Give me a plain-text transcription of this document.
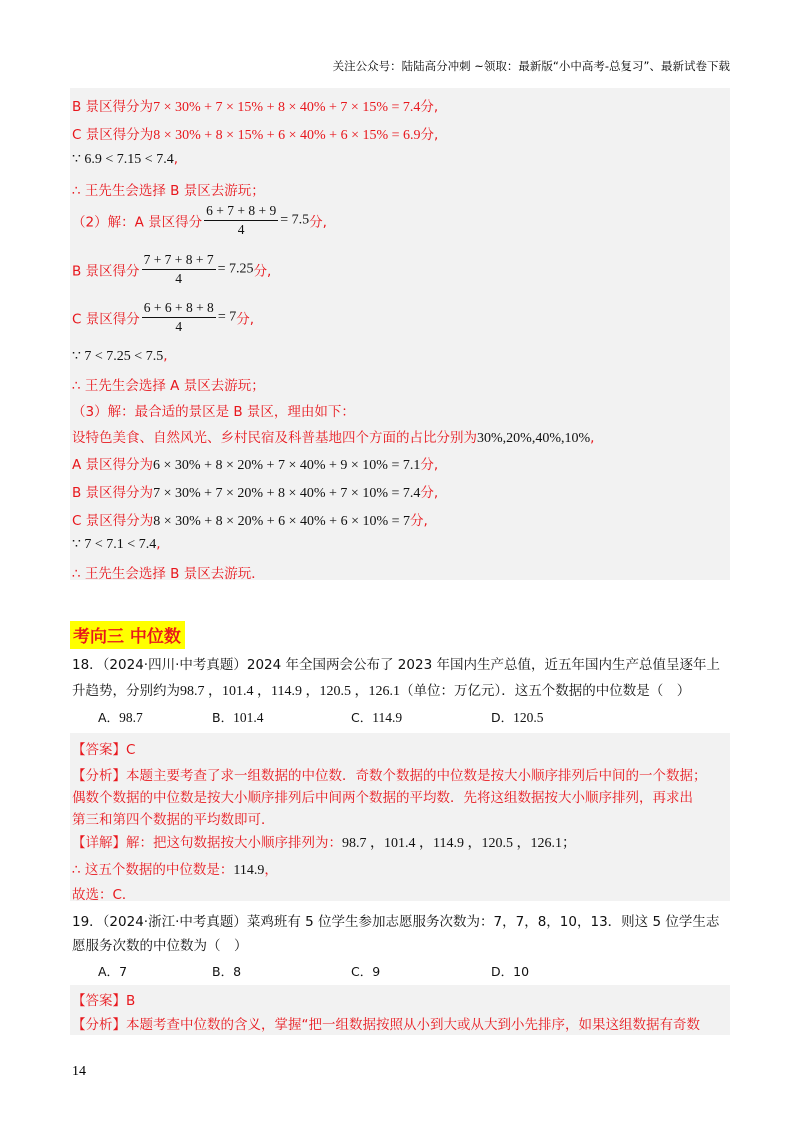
关注公众号：陆陆高分冲刺 ~领取：最新版“小中高考-总复习”、最新试卷下载
B 景区得分为7 × 30% + 7 × 15% + 8 × 40% + 7 × 15% = 7.4分,
C 景区得分为8 × 30% + 8 × 15% + 6 × 40% + 6 × 15% = 6.9分,
∵ 6.9 < 7.15 < 7.4,
∴ 王先生会选择 B 景区去游玩；
（2）解：A 景区得分 $\frac{6 + 7 + 8 + 9}{4} = 7.5$分,
B 景区得分 $\frac{7 + 7 + 8 + 7}{4} = 7.25$分,
C 景区得分 $\frac{6 + 6 + 8 + 8}{4} = 7$分,
∵ 7 < 7.25 < 7.5,
∴ 王先生会选择 A 景区去游玩；
（3）解：最合适的景区是 B 景区，理由如下：
设特色美食、自然风光、乡村民宿及科普基地四个方面的占比分别为30%,20%,40%,10%,
A 景区得分为6 × 30% + 8 × 20% + 7 × 40% + 9 × 10% = 7.1分,
B 景区得分为7 × 30% + 7 × 20% + 8 × 40% + 7 × 10% = 7.4分,
C 景区得分为8 × 30% + 8 × 20% + 6 × 40% + 6 × 10% = 7分,
∵ 7 < 7.1 < 7.4,
∴ 王先生会选择 B 景区去游玩．
考向三 中位数
18．（2024·四川·中考真题）2024 年全国两会公布了 2023 年国内生产总值，近五年国内生产总值呈逐年上
升趋势，分别约为98.7 ，101.4 ，114.9 ，120.5 ，126.1（单位：万亿元）．这五个数据的中位数是（　）
A．98.7	B．101.4	C．114.9	D．120.5
【答案】C
【分析】本题主要考查了求一组数据的中位数．奇数个数据的中位数是按大小顺序排列后中间的一个数据；
偶数个数据的中位数是按大小顺序排列后中间两个数据的平均数．先将这组数据按大小顺序排列，再求出
第三和第四个数据的平均数即可．
【详解】解：把这句数据按大小顺序排列为：98.7 ，101.4 ，114.9 ，120.5 ，126.1；
∴ 这五个数据的中位数是：114.9，
故选：C．
19．（2024·浙江·中考真题）菜鸡班有 5 位学生参加志愿服务次数为：7，7，8，10，13．则这 5 位学生志
愿服务次数的中位数为（　）
A．7	B．8	C．9	D．10
【答案】B
【分析】本题考查中位数的含义，掌握“把一组数据按照从小到大或从大到小先排序，如果这组数据有奇数
14
